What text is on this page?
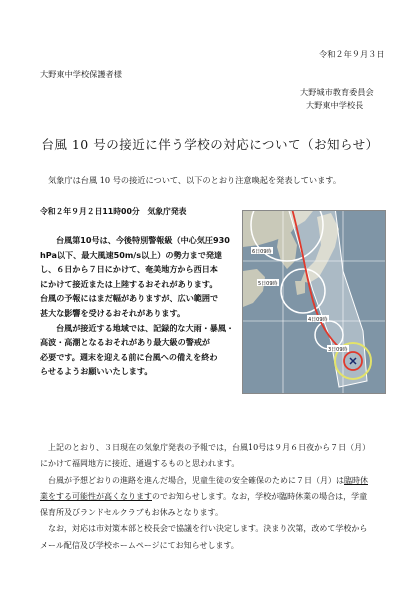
令和２年９月３日
大野東中学校保護者様
大野城市教育委員会
大野東中学校長
台風 10 号の接近に伴う学校の対応について（お知らせ）
気象庁は台風 10 号の接近について、以下のとおり注意喚起を発表しています。
令和２年９月２日11時00分　気象庁発表
台風第10号は、今後特別警報級（中心気圧930
hPa以下、最大風速50m/s以上）の勢力まで発達
し、６日から７日にかけて、奄美地方から西日本
にかけて接近または上陸するおそれがあります。
台風の予報にはまだ幅がありますが、広い範囲で
甚大な影響を受けるおそれがあります。
台風が接近する地域では、記録的な大雨・暴風・
高波・高潮となるおそれがあり最大級の警戒が
必要です。週末を迎える前に台風への備えを終わ
らせるようお願いいたします。
5日09時
4日09時
3日09時
6日09時
上記のとおり、３日現在の気象庁発表の予報では，台風10号は９月６日夜から７日（月）
にかけて福岡地方に接近、通過するものと思われます。
台風が予想どおりの進路を進んだ場合，児童生徒の安全確保のために７日（月）は臨時休
業をする可能性が高くなりますのでお知らせします。なお，学校が臨時休業の場合は，学童
保育所及びランドセルクラブもお休みとなります。
なお，対応は市対策本部と校長会で協議を行い決定します。決まり次第，改めて学校から
メール配信及び学校ホームページにてお知らせします。
